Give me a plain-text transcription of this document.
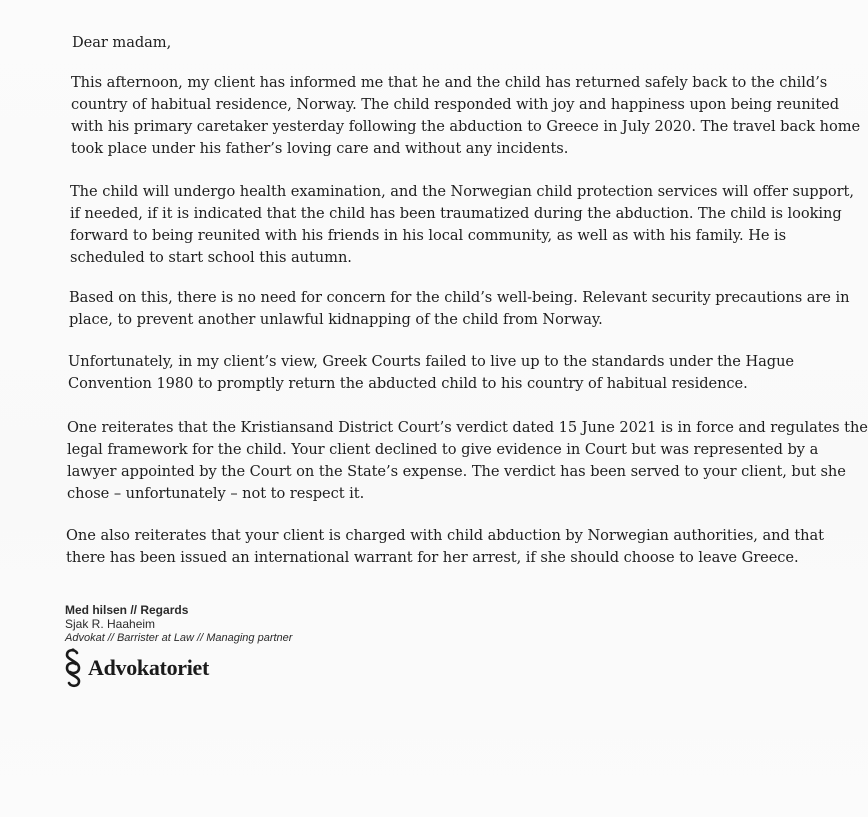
Dear madam,

This afternoon, my client has informed me that he and the child has returned safely back to the child’s
country of habitual residence, Norway. The child responded with joy and happiness upon being reunited
with his primary caretaker yesterday following the abduction to Greece in July 2020. The travel back home
took place under his father’s loving care and without any incidents.

The child will undergo health examination, and the Norwegian child protection services will offer support,
if needed, if it is indicated that the child has been traumatized during the abduction. The child is looking
forward to being reunited with his friends in his local community, as well as with his family. He is
scheduled to start school this autumn.

Based on this, there is no need for concern for the child’s well-being. Relevant security precautions are in
place, to prevent another unlawful kidnapping of the child from Norway.

Unfortunately, in my client’s view, Greek Courts failed to live up to the standards under the Hague
Convention 1980 to promptly return the abducted child to his country of habitual residence.

One reiterates that the Kristiansand District Court’s verdict dated 15 June 2021 is in force and regulates the
legal framework for the child. Your client declined to give evidence in Court but was represented by a
lawyer appointed by the Court on the State’s expense. The verdict has been served to your client, but she
chose – unfortunately – not to respect it.

One also reiterates that your client is charged with child abduction by Norwegian authorities, and that
there has been issued an international warrant for her arrest, if she should choose to leave Greece.

Med hilsen // Regards

Sjak R. Haaheim

Advokat // Barrister at Law // Managing partner

Advokatoriet
